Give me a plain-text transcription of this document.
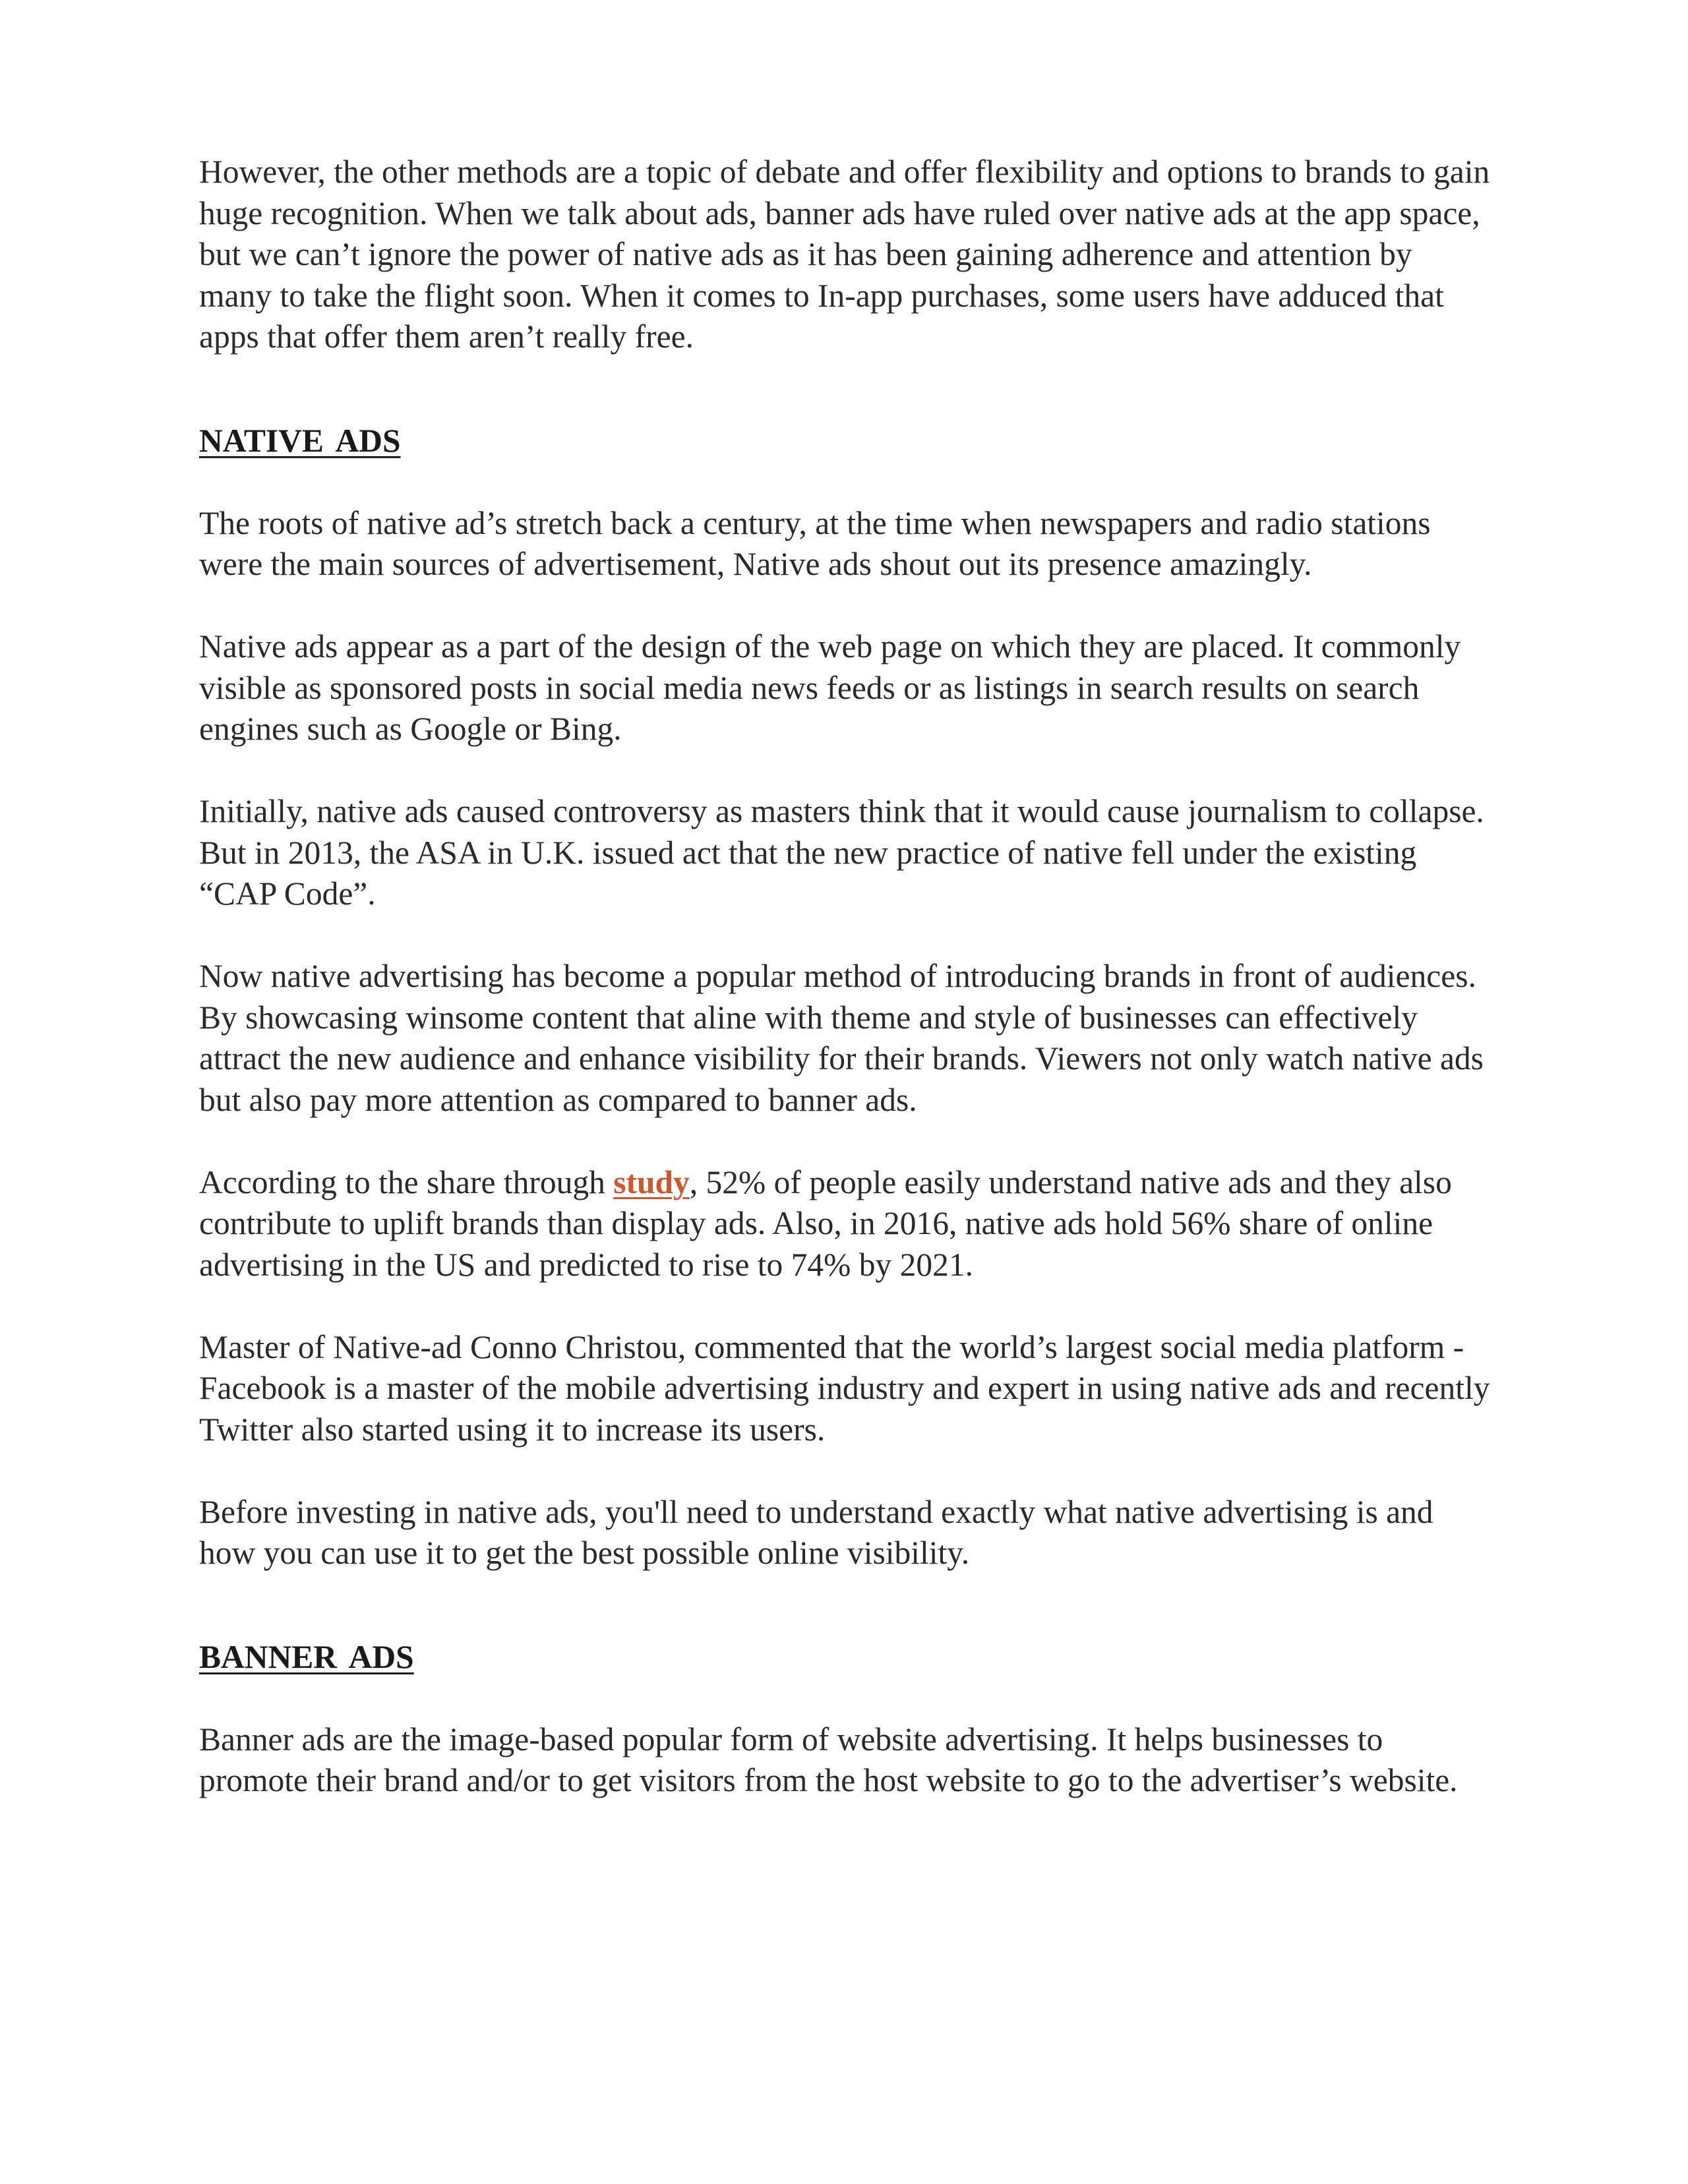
However, the other methods are a topic of debate and offer flexibility and options to brands to gain huge recognition. When we talk about ads, banner ads have ruled over native ads at the app space, but we can’t ignore the power of native ads as it has been gaining adherence and attention by many to take the flight soon. When it comes to In-app purchases, some users have adduced that apps that offer them aren’t really free.

NATIVE ADS

The roots of native ad’s stretch back a century, at the time when newspapers and radio stations were the main sources of advertisement, Native ads shout out its presence amazingly.

Native ads appear as a part of the design of the web page on which they are placed. It commonly visible as sponsored posts in social media news feeds or as listings in search results on search engines such as Google or Bing.

Initially, native ads caused controversy as masters think that it would cause journalism to collapse. But in 2013, the ASA in U.K. issued act that the new practice of native fell under the existing “CAP Code”.

Now native advertising has become a popular method of introducing brands in front of audiences. By showcasing winsome content that aline with theme and style of businesses can effectively attract the new audience and enhance visibility for their brands. Viewers not only watch native ads but also pay more attention as compared to banner ads.

According to the share through study, 52% of people easily understand native ads and they also contribute to uplift brands than display ads. Also, in 2016, native ads hold 56% share of online advertising in the US and predicted to rise to 74% by 2021.

Master of Native-ad Conno Christou, commented that the world’s largest social media platform - Facebook is a master of the mobile advertising industry and expert in using native ads and recently Twitter also started using it to increase its users.

Before investing in native ads, you'll need to understand exactly what native advertising is and how you can use it to get the best possible online visibility.

BANNER ADS

Banner ads are the image-based popular form of website advertising. It helps businesses to promote their brand and/or to get visitors from the host website to go to the advertiser’s website.
